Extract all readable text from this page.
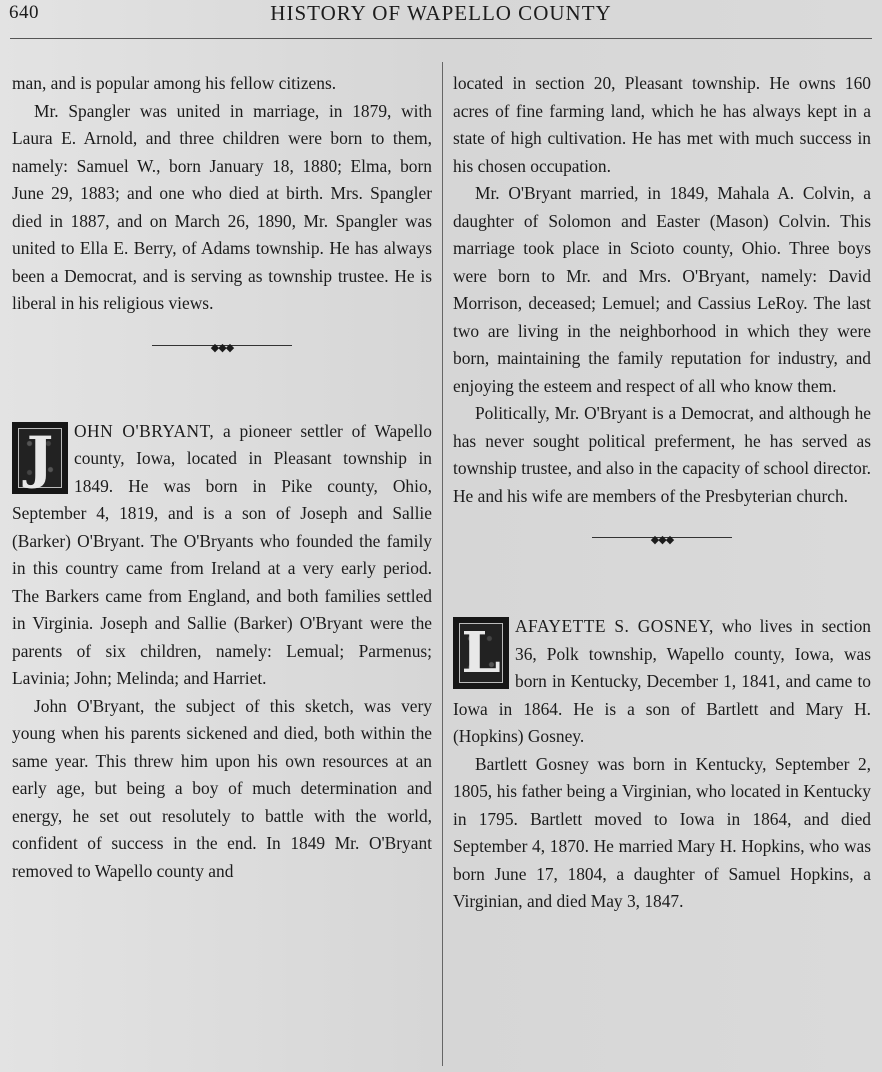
640	HISTORY OF WAPELLO COUNTY

man, and is popular among his fellow citizens.

Mr. Spangler was united in marriage, in 1879, with Laura E. Arnold, and three children were born to them, namely: Samuel W., born January 18, 1880; Elma, born June 29, 1883; and one who died at birth. Mrs. Spangler died in 1887, and on March 26, 1890, Mr. Spangler was united to Ella E. Berry, of Adams township. He has always been a Democrat, and is serving as township trustee. He is liberal in his religious views.

◆◆◆
J	OHN O'BRYANT, a pioneer settler of Wapello county, Iowa, located in Pleasant township in 1849. He was born in Pike county, Ohio, September 4, 1819, and is a son of Joseph and Sallie (Barker) O'Bryant. The O'Bryants who founded the family in this country came from Ireland at a very early period. The Barkers came from England, and both families settled in Virginia. Joseph and Sallie (Barker) O'Bryant were the parents of six children, namely: Lemual; Parmenus; Lavinia; John; Melinda; and Harriet.

John O'Bryant, the subject of this sketch, was very young when his parents sickened and died, both within the same year. This threw him upon his own resources at an early age, but being a boy of much determination and energy, he set out resolutely to battle with the world, confident of success in the end. In 1849 Mr. O'Bryant removed to Wapello county and

located in section 20, Pleasant township. He owns 160 acres of fine farming land, which he has always kept in a state of high cultivation. He has met with much success in his chosen occupation.

Mr. O'Bryant married, in 1849, Mahala A. Colvin, a daughter of Solomon and Easter (Mason) Colvin. This marriage took place in Scioto county, Ohio. Three boys were born to Mr. and Mrs. O'Bryant, namely: David Morrison, deceased; Lemuel; and Cassius LeRoy. The last two are living in the neighborhood in which they were born, maintaining the family reputation for industry, and enjoying the esteem and respect of all who know them.

Politically, Mr. O'Bryant is a Democrat, and although he has never sought political preferment, he has served as township trustee, and also in the capacity of school director. He and his wife are members of the Presbyterian church.

◆◆◆
L AFAYETTE S. GOSNEY, who lives in section 36, Polk township, Wapello county, Iowa, was born in Kentucky, December 1, 1841, and came to Iowa in 1864. He is a son of Bartlett and Mary H. (Hopkins) Gosney.

Bartlett Gosney was born in Kentucky, September 2, 1805, his father being a Virginian, who located in Kentucky in 1795. Bartlett moved to Iowa in 1864, and died September 4, 1870. He married Mary H. Hopkins, who was born June 17, 1804, a daughter of Samuel Hopkins, a Virginian, and died May 3, 1847.
